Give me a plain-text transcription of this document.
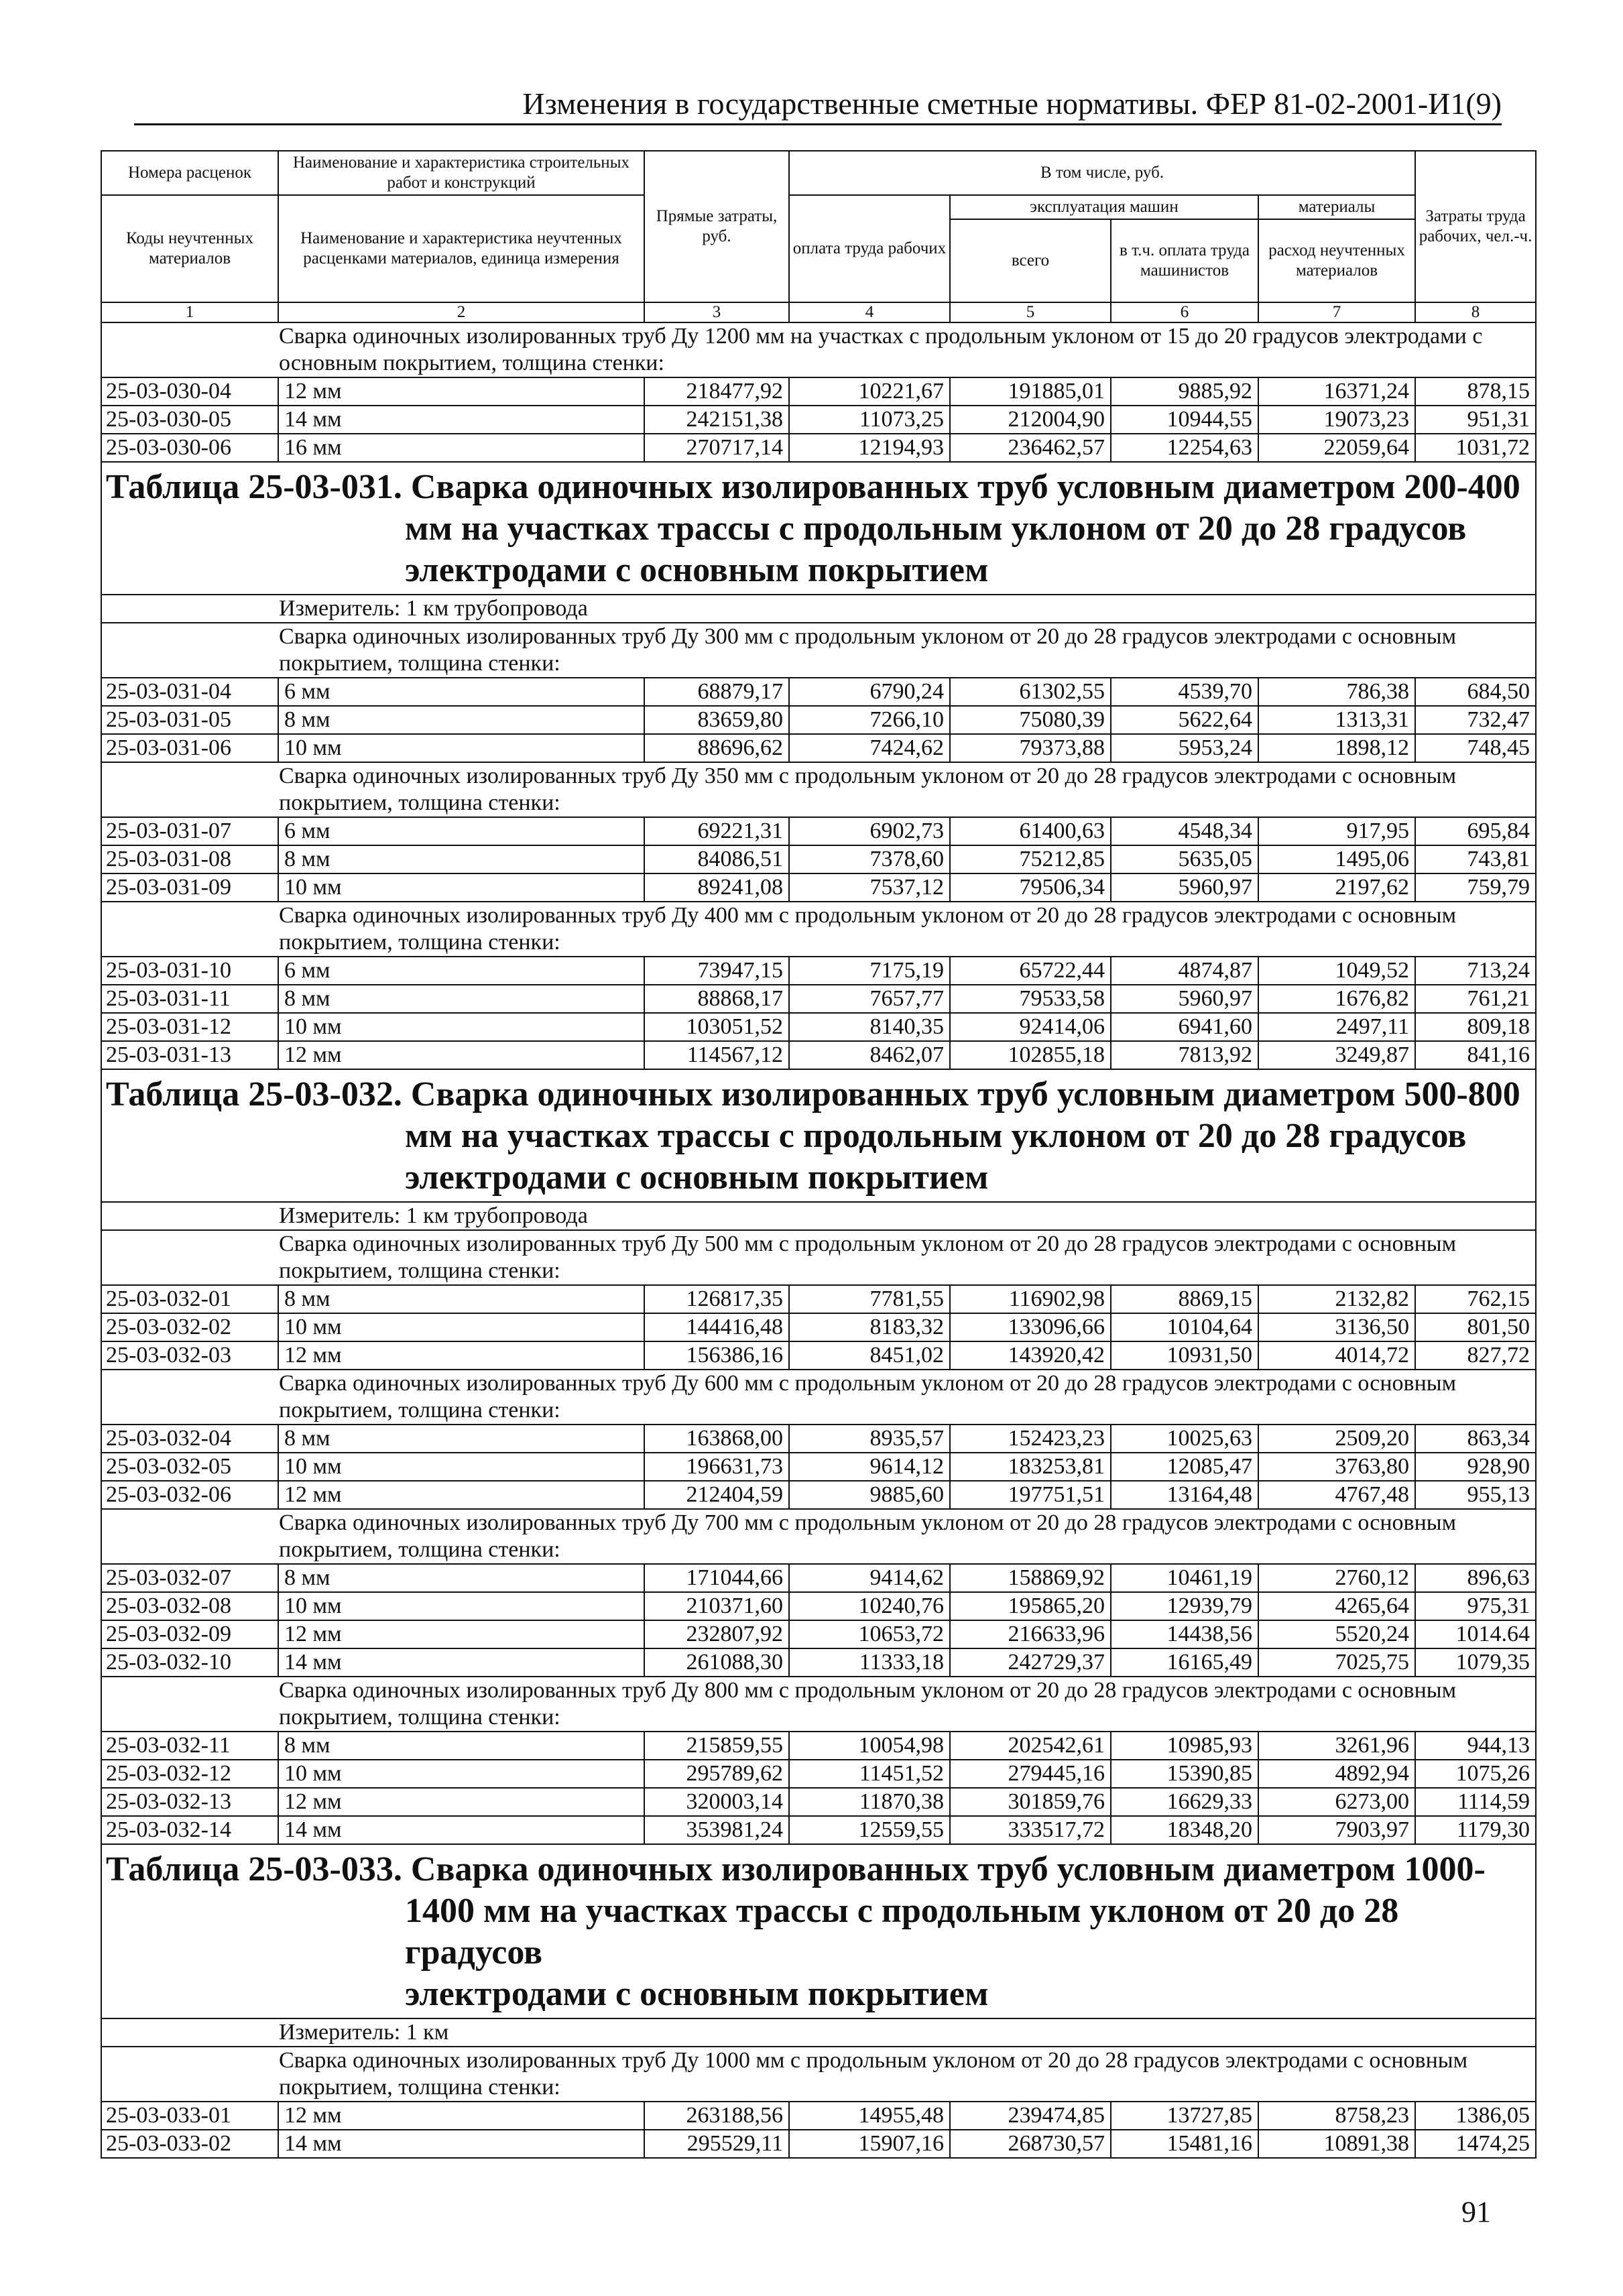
Изменения в государственные сметные нормативы. ФЕР 81-02-2001-И1(9)
Номера расценок	Наименование и характеристика строительных работ и конструкций	Прямые затраты, руб.	В том числе, руб.				Затраты труда рабочих, чел.-ч.
Коды неучтенных материалов	Наименование и характеристика неучтенных расценками материалов, единица измерения		оплата труда рабочих	эксплуатация машин		материалы	
				всего	в т.ч. оплата труда машинистов	расход неучтенных материалов	
1	2	3	4	5	6	7	8
Сварка одиночных изолированных труб Ду 1200 мм на участках с продольным уклоном от 15 до 20 градусов электродами с основным покрытием, толщина стенки:							
25-03-030-04	12 мм	218477,92	10221,67	191885,01	9885,92	16371,24	878,15
25-03-030-05	14 мм	242151,38	11073,25	212004,90	10944,55	19073,23	951,31
25-03-030-06	16 мм	270717,14	12194,93	236462,57	12254,63	22059,64	1031,72

Таблица 25-03-031. Сварка одиночных изолированных труб условным диаметром 200-400
мм на участках трассы с продольным уклоном от 20 до 28 градусов
электродами с основным покрытием							

Измеритель: 1 км трубопровода							
Сварка одиночных изолированных труб Ду 300 мм с продольным уклоном от 20 до 28 градусов электродами с основным покрытием, толщина стенки:							
25-03-031-04	6 мм	68879,17	6790,24	61302,55	4539,70	786,38	684,50
25-03-031-05	8 мм	83659,80	7266,10	75080,39	5622,64	1313,31	732,47
25-03-031-06	10 мм	88696,62	7424,62	79373,88	5953,24	1898,12	748,45
Сварка одиночных изолированных труб Ду 350 мм с продольным уклоном от 20 до 28 градусов электродами с основным покрытием, толщина стенки:							
25-03-031-07	6 мм	69221,31	6902,73	61400,63	4548,34	917,95	695,84
25-03-031-08	8 мм	84086,51	7378,60	75212,85	5635,05	1495,06	743,81
25-03-031-09	10 мм	89241,08	7537,12	79506,34	5960,97	2197,62	759,79
Сварка одиночных изолированных труб Ду 400 мм с продольным уклоном от 20 до 28 градусов электродами с основным покрытием, толщина стенки:							
25-03-031-10	6 мм	73947,15	7175,19	65722,44	4874,87	1049,52	713,24
25-03-031-11	8 мм	88868,17	7657,77	79533,58	5960,97	1676,82	761,21
25-03-031-12	10 мм	103051,52	8140,35	92414,06	6941,60	2497,11	809,18
25-03-031-13	12 мм	114567,12	8462,07	102855,18	7813,92	3249,87	841,16

Таблица 25-03-032. Сварка одиночных изолированных труб условным диаметром 500-800
мм на участках трассы с продольным уклоном от 20 до 28 градусов
электродами с основным покрытием							

Измеритель: 1 км трубопровода							
Сварка одиночных изолированных труб Ду 500 мм с продольным уклоном от 20 до 28 градусов электродами с основным покрытием, толщина стенки:							
25-03-032-01	8 мм	126817,35	7781,55	116902,98	8869,15	2132,82	762,15
25-03-032-02	10 мм	144416,48	8183,32	133096,66	10104,64	3136,50	801,50
25-03-032-03	12 мм	156386,16	8451,02	143920,42	10931,50	4014,72	827,72
Сварка одиночных изолированных труб Ду 600 мм с продольным уклоном от 20 до 28 градусов электродами с основным покрытием, толщина стенки:							
25-03-032-04	8 мм	163868,00	8935,57	152423,23	10025,63	2509,20	863,34
25-03-032-05	10 мм	196631,73	9614,12	183253,81	12085,47	3763,80	928,90
25-03-032-06	12 мм	212404,59	9885,60	197751,51	13164,48	4767,48	955,13
Сварка одиночных изолированных труб Ду 700 мм с продольным уклоном от 20 до 28 градусов электродами с основным покрытием, толщина стенки:							
25-03-032-07	8 мм	171044,66	9414,62	158869,92	10461,19	2760,12	896,63
25-03-032-08	10 мм	210371,60	10240,76	195865,20	12939,79	4265,64	975,31
25-03-032-09	12 мм	232807,92	10653,72	216633,96	14438,56	5520,24	1014.64
25-03-032-10	14 мм	261088,30	11333,18	242729,37	16165,49	7025,75	1079,35
Сварка одиночных изолированных труб Ду 800 мм с продольным уклоном от 20 до 28 градусов электродами с основным покрытием, толщина стенки:							
25-03-032-11	8 мм	215859,55	10054,98	202542,61	10985,93	3261,96	944,13
25-03-032-12	10 мм	295789,62	11451,52	279445,16	15390,85	4892,94	1075,26
25-03-032-13	12 мм	320003,14	11870,38	301859,76	16629,33	6273,00	1114,59
25-03-032-14	14 мм	353981,24	12559,55	333517,72	18348,20	7903,97	1179,30

Таблица 25-03-033. Сварка одиночных изолированных труб условным диаметром 1000-
1400 мм на участках трассы с продольным уклоном от 20 до 28 градусов
электродами с основным покрытием							

Измеритель: 1 км							
Сварка одиночных изолированных труб Ду 1000 мм с продольным уклоном от 20 до 28 градусов электродами с основным покрытием, толщина стенки:							
25-03-033-01	12 мм	263188,56	14955,48	239474,85	13727,85	8758,23	1386,05
25-03-033-02	14 мм	295529,11	15907,16	268730,57	15481,16	10891,38	1474,25
91
